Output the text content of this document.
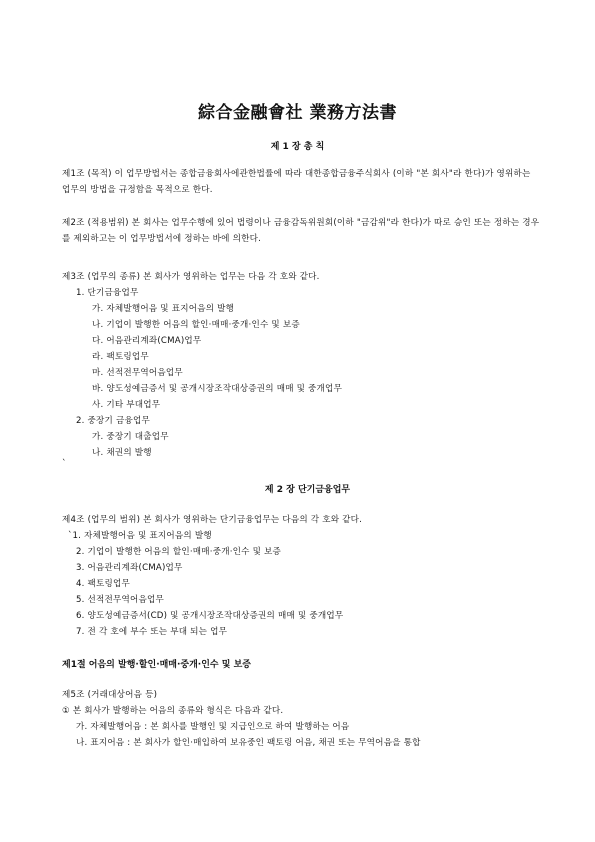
綜合金融會社 業務方法書
제 1 장 총 칙
제1조 (목적) 이 업무방법서는 종합금융회사에관한법률에 따라 대한종합금융주식회사 (이하 "본 회사"라 한다)가 영위하는 업무의 방법을 규정함을 목적으로 한다.
제2조 (적용범위) 본 회사는 업무수행에 있어 법령이나 금융감독위원회(이하 "금감위"라 한다)가 따로 승인 또는 정하는 경우를 제외하고는 이 업무방법서에 정하는 바에 의한다.
제3조 (업무의 종류) 본 회사가 영위하는 업무는 다음 각 호와 같다.
1. 단기금융업무
가. 자체발행어음 및 표지어음의 발행
나. 기업이 발행한 어음의 할인·매매·중개·인수 및 보증
다. 어음관리계좌(CMA)업무
라. 팩토링업무
마. 선적전무역어음업무
바. 양도성예금증서 및 공개시장조작대상증권의 매매 및 중개업무
사. 기타 부대업무
2. 중장기 금융업무
가. 중장기 대출업무
나. 채권의 발행
`
제 2 장 단기금융업무
제4조 (업무의 범위) 본 회사가 영위하는 단기금융업무는 다음의 각 호와 같다.
`1. 자체발행어음 및 표지어음의 발행
2. 기업이 발행한 어음의 할인·매매·중개·인수 및 보증
3. 어음관리계좌(CMA)업무
4. 팩토링업무
5. 선적전무역어음업무
6. 양도성예금증서(CD) 및 공개시장조작대상증권의 매매 및 중개업무
7. 전 각 호에 부수 또는 부대 되는 업무
제1절 어음의 발행·할인·매매·중개·인수 및 보증
제5조 (거래대상어음 등)
① 본 회사가 발행하는 어음의 종류와 형식은 다음과 같다.
가. 자체발행어음 : 본 회사를 발행인 및 지급인으로 하여 발행하는 어음
나. 표지어음 : 본 회사가 할인·매입하여 보유중인 팩토링 어음, 채권 또는 무역어음을 통합
